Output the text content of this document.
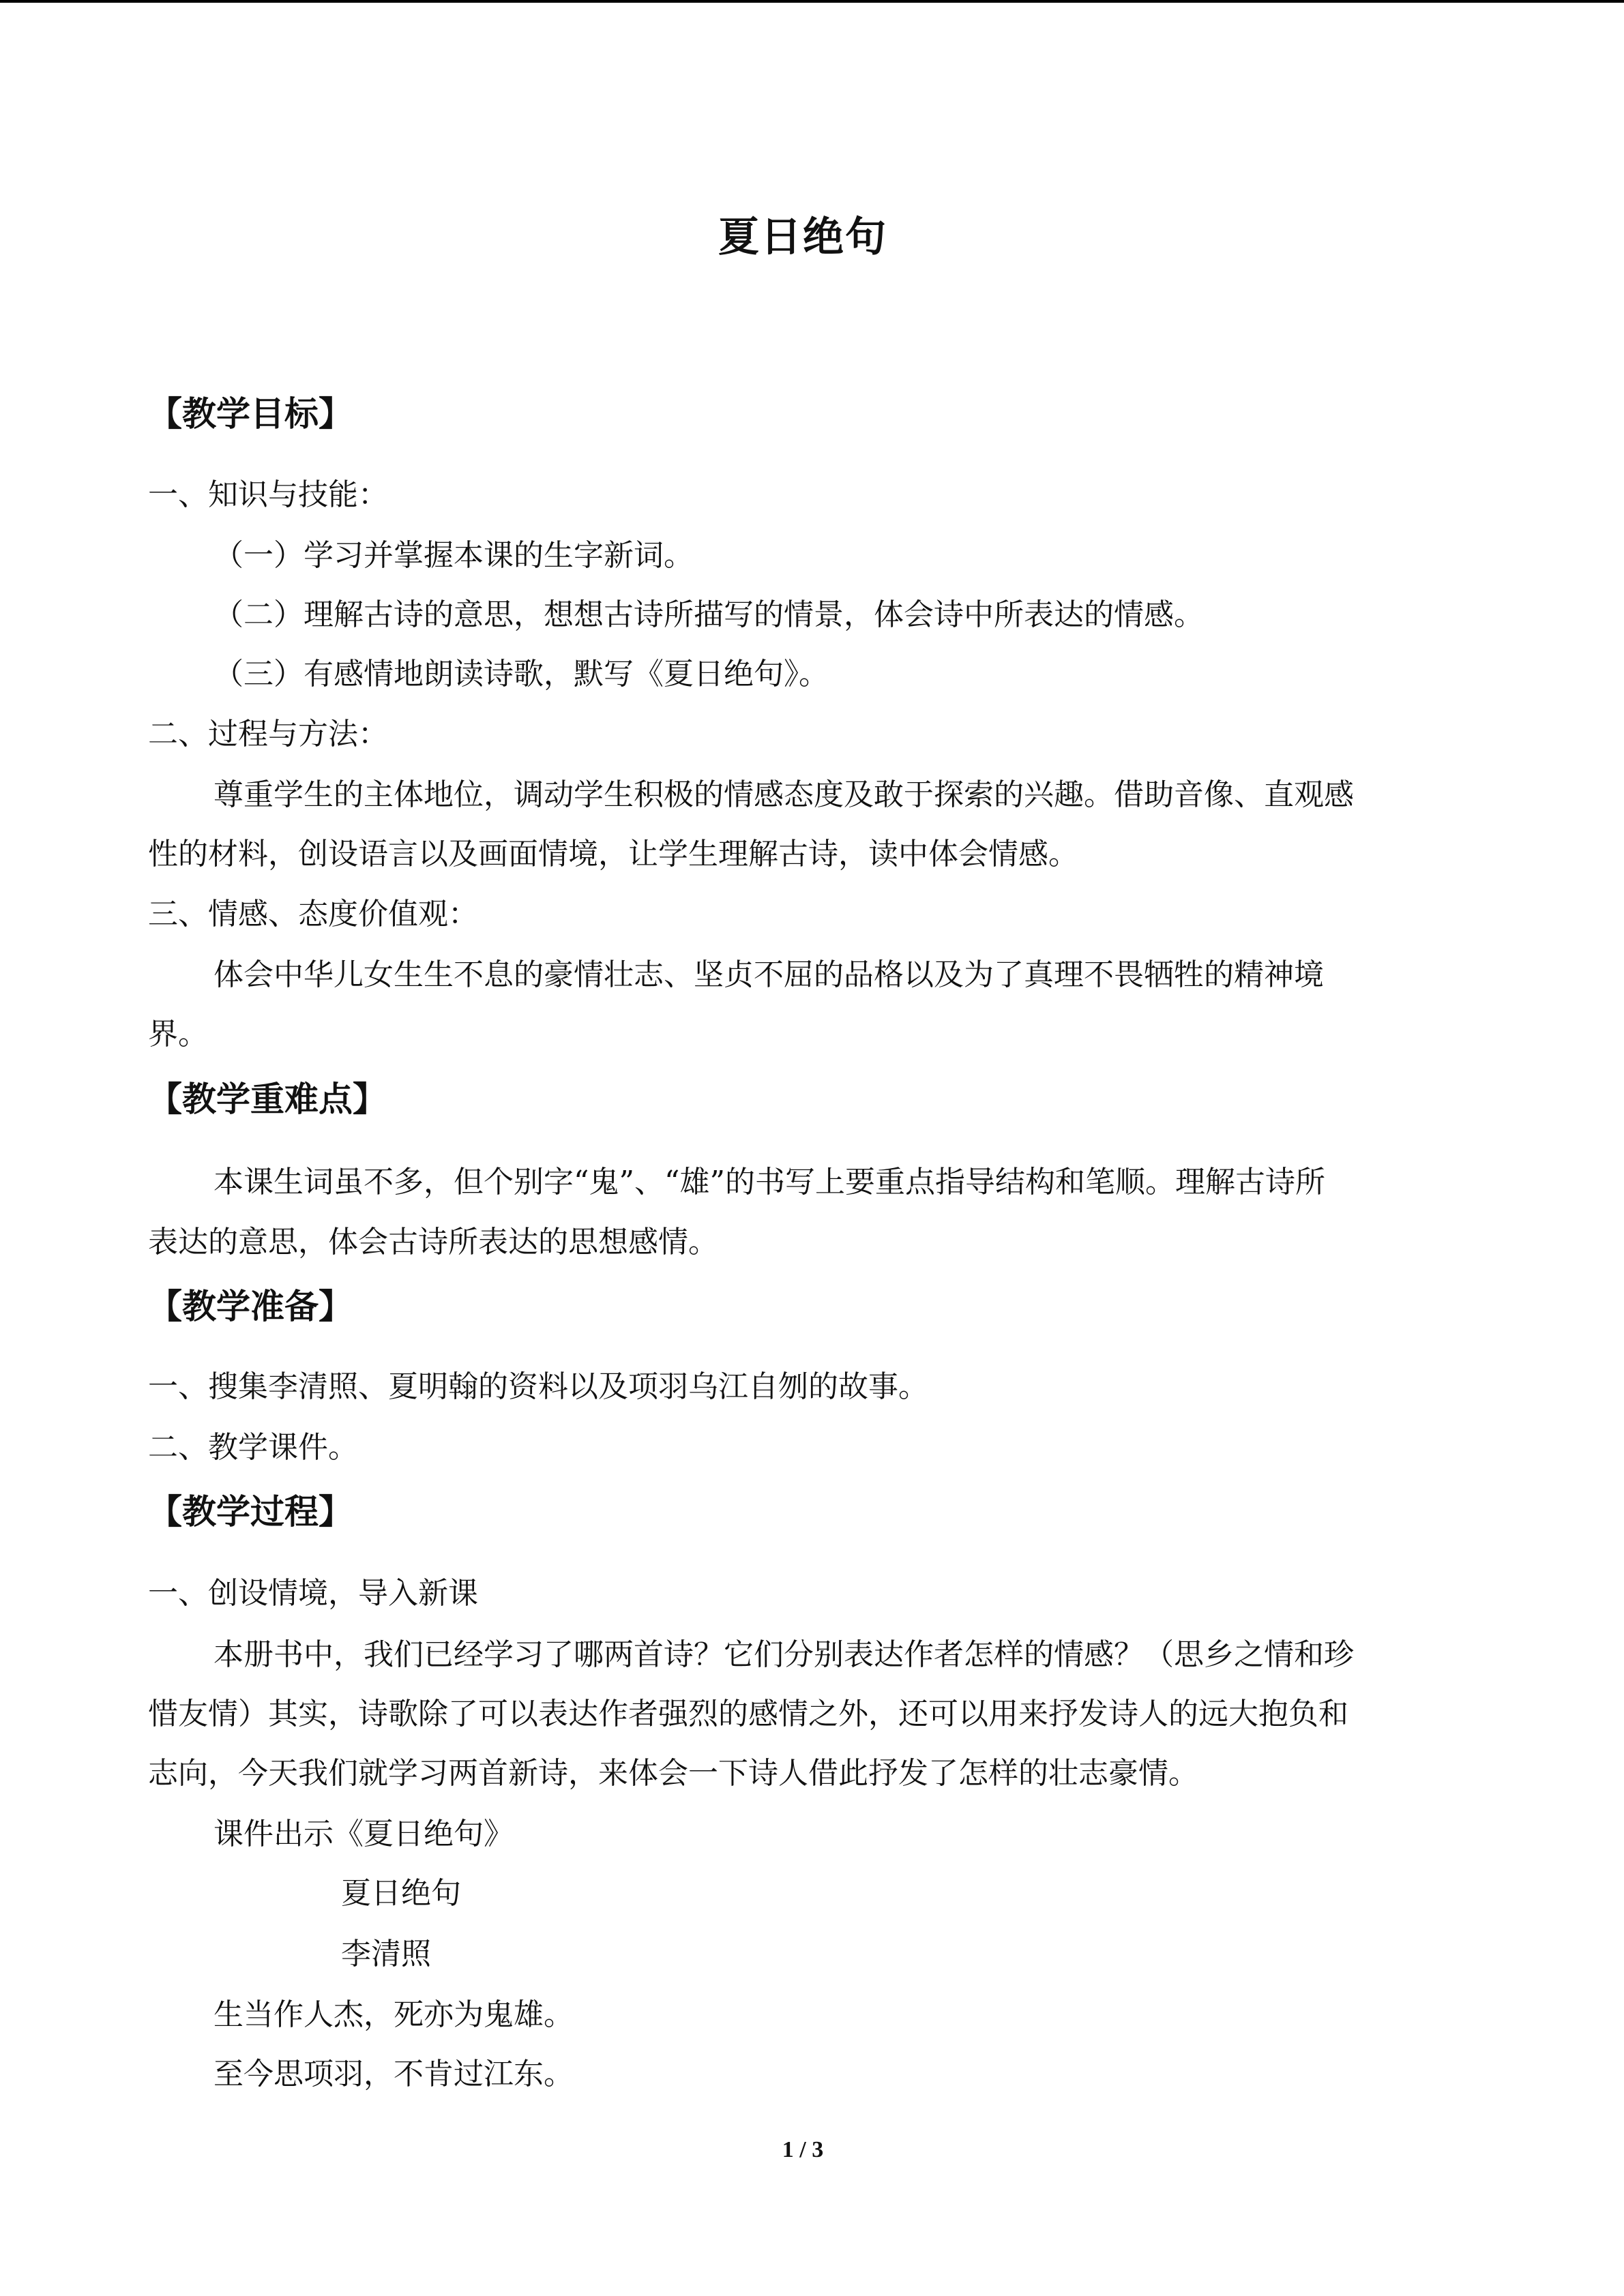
夏日绝句
【教学目标】
一、知识与技能：
（一）学习并掌握本课的生字新词。
（二）理解古诗的意思，想想古诗所描写的情景，体会诗中所表达的情感。
（三）有感情地朗读诗歌，默写《夏日绝句》。
二、过程与方法：
尊重学生的主体地位，调动学生积极的情感态度及敢于探索的兴趣。借助音像、直观感
性的材料，创设语言以及画面情境，让学生理解古诗，读中体会情感。
三、情感、态度价值观：
体会中华儿女生生不息的豪情壮志、坚贞不屈的品格以及为了真理不畏牺牲的精神境
界。
【教学重难点】
本课生词虽不多，但个别字“鬼”、“雄”的书写上要重点指导结构和笔顺。理解古诗所
表达的意思，体会古诗所表达的思想感情。
【教学准备】
一、搜集李清照、夏明翰的资料以及项羽乌江自刎的故事。
二、教学课件。
【教学过程】
一、创设情境，导入新课
本册书中，我们已经学习了哪两首诗？它们分别表达作者怎样的情感？（思乡之情和珍
惜友情）其实，诗歌除了可以表达作者强烈的感情之外，还可以用来抒发诗人的远大抱负和
志向，今天我们就学习两首新诗，来体会一下诗人借此抒发了怎样的壮志豪情。
课件出示《夏日绝句》
夏日绝句
李清照
生当作人杰，死亦为鬼雄。
至今思项羽，不肯过江东。
1 / 3
